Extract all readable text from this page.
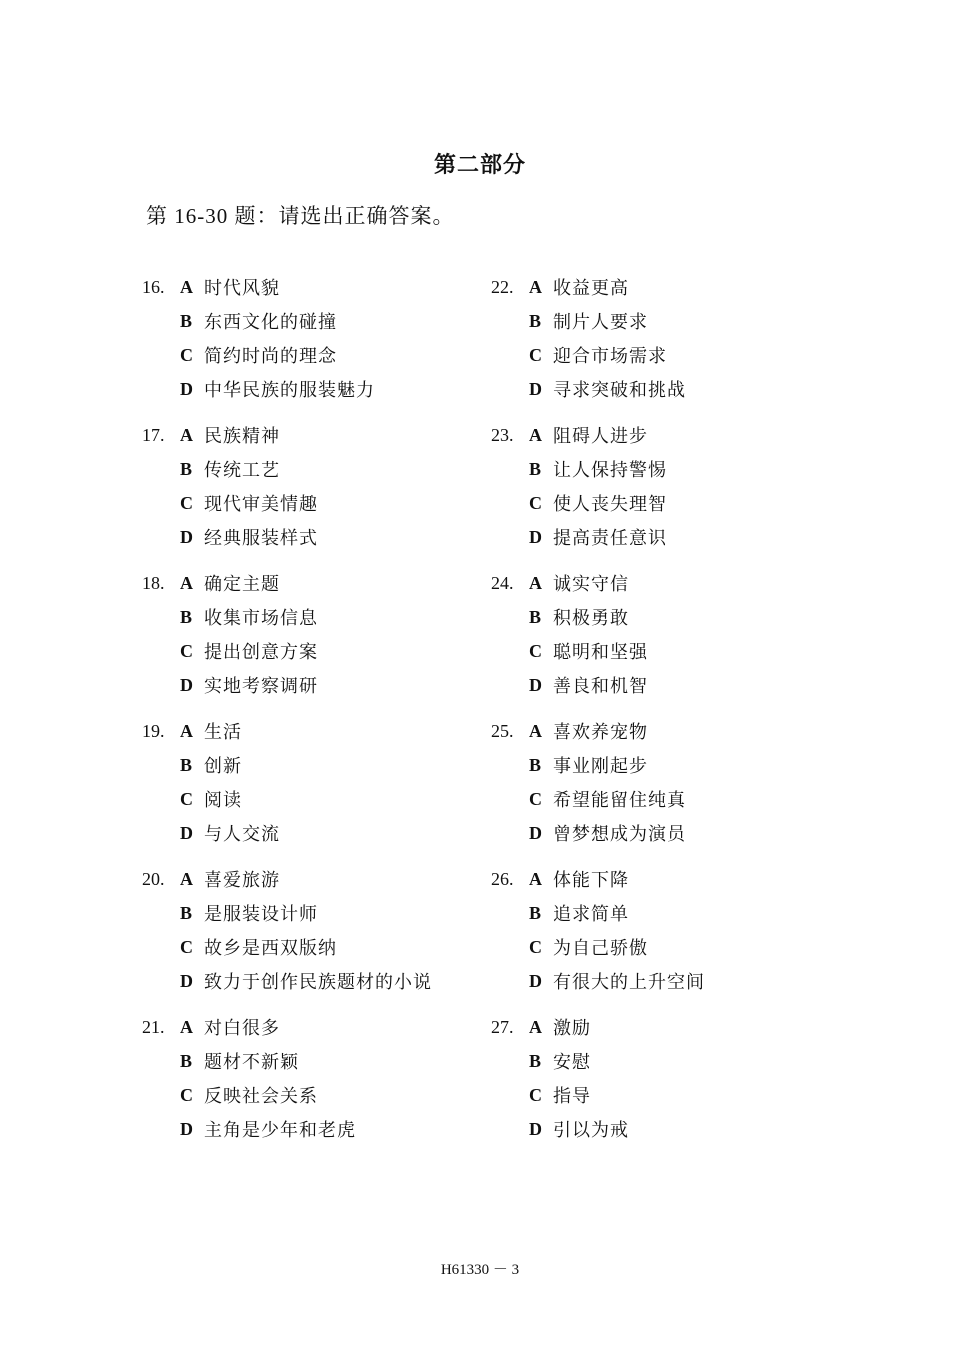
第二部分
第 16-30 题：请选出正确答案。
16. A 时代风貌
B 东西文化的碰撞
C 简约时尚的理念
D 中华民族的服装魅力
17. A 民族精神
B 传统工艺
C 现代审美情趣
D 经典服装样式
18. A 确定主题
B 收集市场信息
C 提出创意方案
D 实地考察调研
19. A 生活
B 创新
C 阅读
D 与人交流
20. A 喜爱旅游
B 是服装设计师
C 故乡是西双版纳
D 致力于创作民族题材的小说
21. A 对白很多
B 题材不新颖
C 反映社会关系
D 主角是少年和老虎
22. A 收益更高
B 制片人要求
C 迎合市场需求
D 寻求突破和挑战
23. A 阻碍人进步
B 让人保持警惕
C 使人丧失理智
D 提高责任意识
24. A 诚实守信
B 积极勇敢
C 聪明和坚强
D 善良和机智
25. A 喜欢养宠物
B 事业刚起步
C 希望能留住纯真
D 曾梦想成为演员
26. A 体能下降
B 追求简单
C 为自己骄傲
D 有很大的上升空间
27. A 激励
B 安慰
C 指导
D 引以为戒
H61330 － 3
